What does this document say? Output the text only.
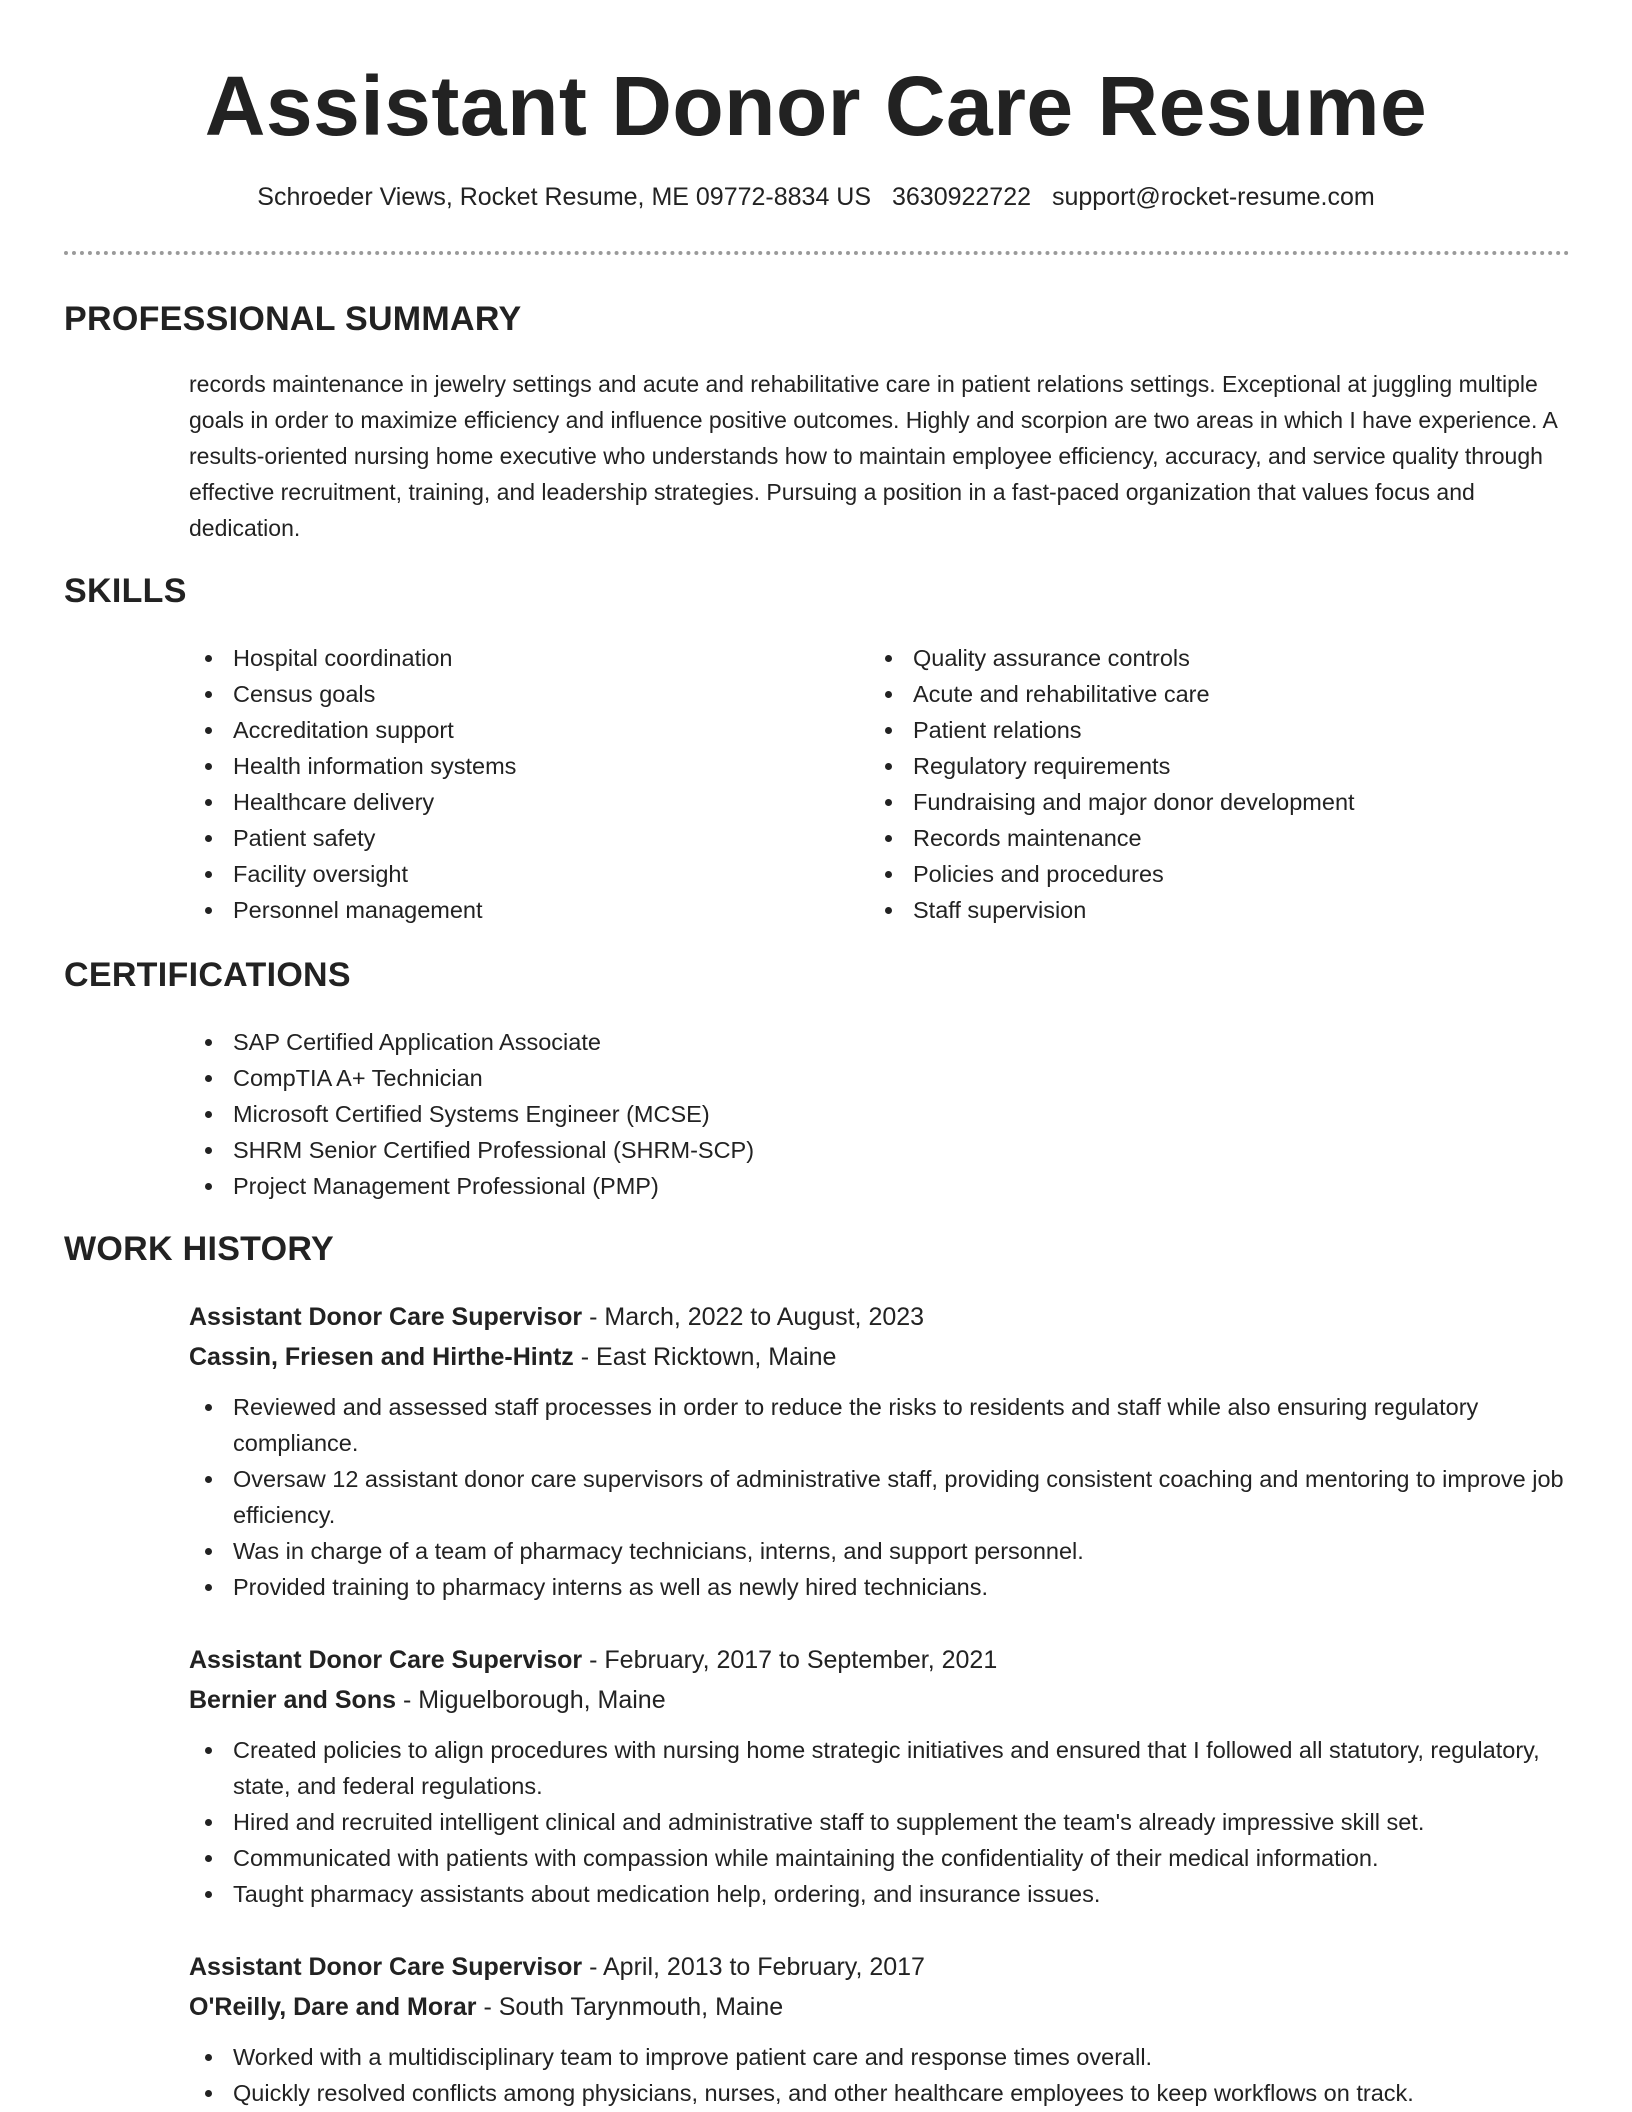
Assistant Donor Care Resume
Schroeder Views, Rocket Resume, ME 09772-8834 US 3630922722 support@rocket-resume.com
PROFESSIONAL SUMMARY

records maintenance in jewelry settings and acute and rehabilitative care in patient relations settings. Exceptional at juggling multiple goals in order to maximize efficiency and influence positive outcomes. Highly and scorpion are two areas in which I have experience. A results-oriented nursing home executive who understands how to maintain employee efficiency, accuracy, and service quality through effective recruitment, training, and leadership strategies. Pursuing a position in a fast-paced organization that values focus and dedication.

SKILLS
Hospital coordination
Census goals
Accreditation support
Health information systems
Healthcare delivery
Patient safety
Facility oversight
Personnel management
Quality assurance controls
Acute and rehabilitative care
Patient relations
Regulatory requirements
Fundraising and major donor development
Records maintenance
Policies and procedures
Staff supervision
CERTIFICATIONS
SAP Certified Application Associate
CompTIA A+ Technician
Microsoft Certified Systems Engineer (MCSE)
SHRM Senior Certified Professional (SHRM-SCP)
Project Management Professional (PMP)
WORK HISTORY
Assistant Donor Care Supervisor - March, 2022 to August, 2023
Cassin, Friesen and Hirthe-Hintz - East Ricktown, Maine
Reviewed and assessed staff processes in order to reduce the risks to residents and staff while also ensuring regulatory compliance.
Oversaw 12 assistant donor care supervisors of administrative staff, providing consistent coaching and mentoring to improve job efficiency.
Was in charge of a team of pharmacy technicians, interns, and support personnel.
Provided training to pharmacy interns as well as newly hired technicians.
Assistant Donor Care Supervisor - February, 2017 to September, 2021
Bernier and Sons - Miguelborough, Maine
Created policies to align procedures with nursing home strategic initiatives and ensured that I followed all statutory, regulatory, state, and federal regulations.
Hired and recruited intelligent clinical and administrative staff to supplement the team's already impressive skill set.
Communicated with patients with compassion while maintaining the confidentiality of their medical information.
Taught pharmacy assistants about medication help, ordering, and insurance issues.
Assistant Donor Care Supervisor - April, 2013 to February, 2017
O'Reilly, Dare and Morar - South Tarynmouth, Maine
Worked with a multidisciplinary team to improve patient care and response times overall.
Quickly resolved conflicts among physicians, nurses, and other healthcare employees to keep workflows on track.
